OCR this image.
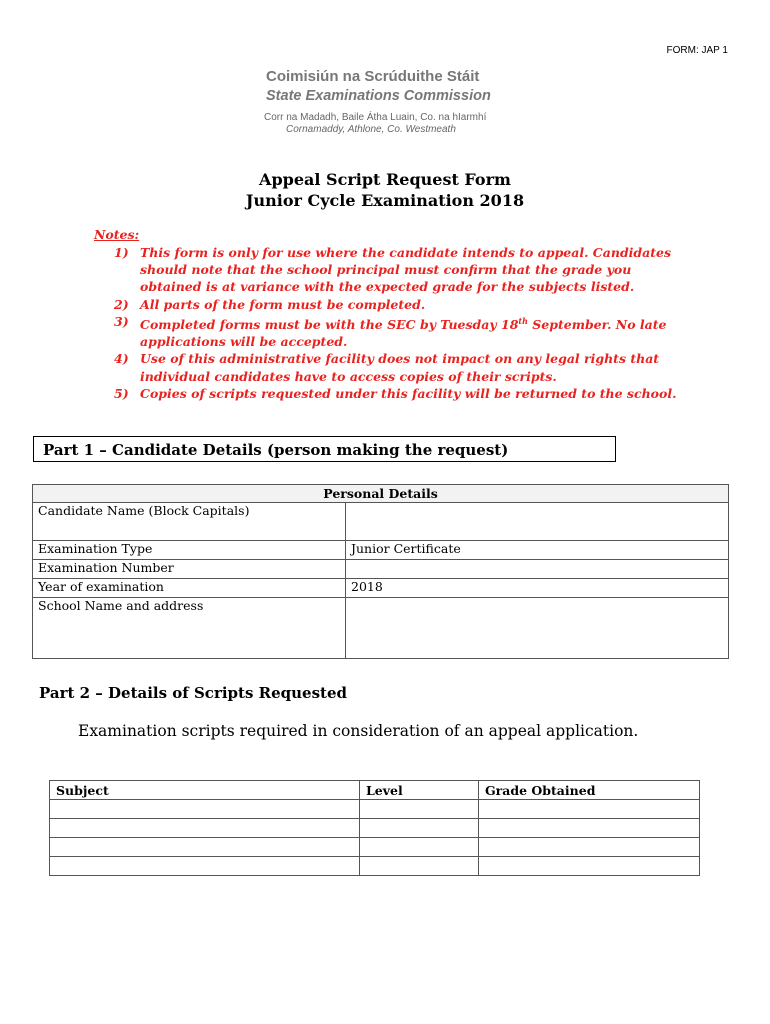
FORM: JAP 1
Coimisiún na Scrúduithe Stáit
State Examinations Commission
Corr na Madadh, Baile Átha Luain, Co. na hIarmhí
Cornamaddy, Athlone, Co. Westmeath
Appeal Script Request Form
Junior Cycle Examination 2018
Notes:
1) This form is only for use where the candidate intends to appeal. Candidates should note that the school principal must confirm that the grade you obtained is at variance with the expected grade for the subjects listed.
2) All parts of the form must be completed.
3) Completed forms must be with the SEC by Tuesday 18th September. No late applications will be accepted.
4) Use of this administrative facility does not impact on any legal rights that individual candidates have to access copies of their scripts.
5) Copies of scripts requested under this facility will be returned to the school.
Part 1 – Candidate Details (person making the request)
Personal Details	
Candidate Name (Block Capitals)	
Examination Type	Junior Certificate
Examination Number	
Year of examination	2018
School Name and address	
Part 2 – Details of Scripts Requested
Examination scripts required in consideration of an appeal application.
Subject	Level	Grade Obtained
